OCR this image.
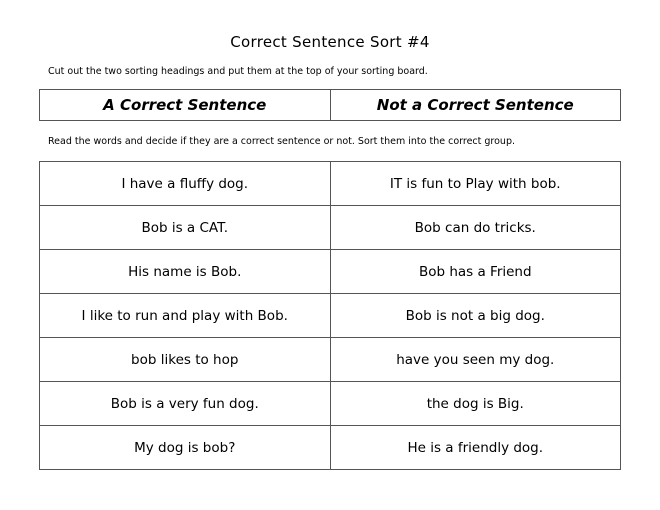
Correct Sentence Sort #4
Cut out the two sorting headings and put them at the top of your sorting board.
A Correct Sentence	Not a Correct Sentence
Read the words and decide if they are a correct sentence or not. Sort them into the correct group.
I have a fluffy dog.	IT is fun to Play with bob.
Bob is a CAT.	Bob can do tricks.
His name is Bob.	Bob has a Friend
I like to run and play with Bob.	Bob is not a big dog.
bob likes to hop	have you seen my dog.
Bob is a very fun dog.	the dog is Big.
My dog is bob?	He is a friendly dog.
